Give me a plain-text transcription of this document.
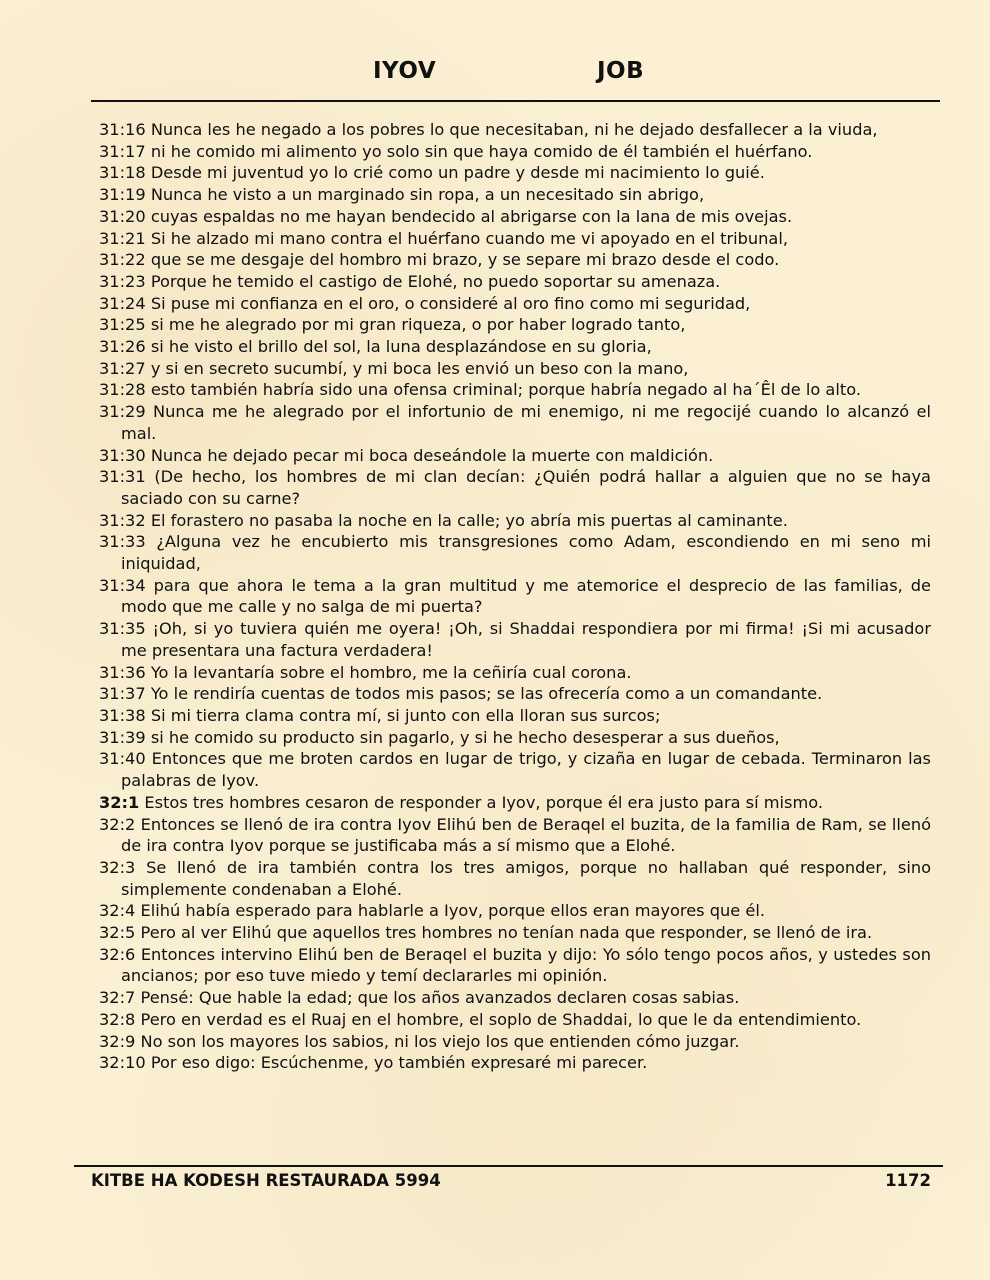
IYOV	JOB

31:16 Nunca les he negado a los pobres lo que necesitaban, ni he dejado desfallecer a la viuda,

31:17 ni he comido mi alimento yo solo sin que haya comido de él también el huérfano.

31:18 Desde mi juventud yo lo crié como un padre y desde mi nacimiento lo guié.

31:19 Nunca he visto a un marginado sin ropa, a un necesitado sin abrigo,

31:20 cuyas espaldas no me hayan bendecido al abrigarse con la lana de mis ovejas.

31:21 Si he alzado mi mano contra el huérfano cuando me vi apoyado en el tribunal,

31:22 que se me desgaje del hombro mi brazo, y se separe mi brazo desde el codo.

31:23 Porque he temido el castigo de Elohé, no puedo soportar su amenaza.

31:24 Si puse mi confianza en el oro, o consideré al oro fino como mi seguridad,

31:25 si me he alegrado por mi gran riqueza, o por haber logrado tanto,

31:26 si he visto el brillo del sol, la luna desplazándose en su gloria,

31:27 y si en secreto sucumbí, y mi boca les envió un beso con la mano,

31:28 esto también habría sido una ofensa criminal; porque habría negado al ha´Êl de lo alto.

31:29 Nunca me he alegrado por el infortunio de mi enemigo, ni me regocijé cuando lo alcanzó el mal.

31:30 Nunca he dejado pecar mi boca deseándole la muerte con maldición.

31:31 (De hecho, los hombres de mi clan decían: ¿Quién podrá hallar a alguien que no se haya saciado con su carne?

31:32 El forastero no pasaba la noche en la calle; yo abría mis puertas al caminante.

31:33 ¿Alguna vez he encubierto mis transgresiones como Adam, escondiendo en mi seno mi iniquidad,

31:34 para que ahora le tema a la gran multitud y me atemorice el desprecio de las familias, de modo que me calle y no salga de mi puerta?

31:35 ¡Oh, si yo tuviera quién me oyera! ¡Oh, si Shaddai respondiera por mi firma! ¡Si mi acusador me presentara una factura verdadera!

31:36 Yo la levantaría sobre el hombro, me la ceñiría cual corona.

31:37 Yo le rendiría cuentas de todos mis pasos; se las ofrecería como a un comandante.

31:38 Si mi tierra clama contra mí, si junto con ella lloran sus surcos;

31:39 si he comido su producto sin pagarlo, y si he hecho desesperar a sus dueños,

31:40 Entonces que me broten cardos en lugar de trigo, y cizaña en lugar de cebada. Terminaron las palabras de Iyov.

32:1 Estos tres hombres cesaron de responder a Iyov, porque él era justo para sí mismo.

32:2 Entonces se llenó de ira contra Iyov Elihú ben de Beraqel el buzita, de la familia de Ram, se llenó de ira contra Iyov porque se justificaba más a sí mismo que a Elohé.

32:3 Se llenó de ira también contra los tres amigos, porque no hallaban qué responder, sino simplemente condenaban a Elohé.

32:4 Elihú había esperado para hablarle a Iyov, porque ellos eran mayores que él.

32:5 Pero al ver Elihú que aquellos tres hombres no tenían nada que responder, se llenó de ira.

32:6 Entonces intervino Elihú ben de Beraqel el buzita y dijo: Yo sólo tengo pocos años, y ustedes son ancianos; por eso tuve miedo y temí declararles mi opinión.

32:7 Pensé: Que hable la edad; que los años avanzados declaren cosas sabias.

32:8 Pero en verdad es el Ruaj en el hombre, el soplo de Shaddai, lo que le da entendimiento.

32:9 No son los mayores los sabios, ni los viejo los que entienden cómo juzgar.

32:10 Por eso digo: Escúchenme, yo también expresaré mi parecer.

KITBE HA KODESH RESTAURADA 5994	1172
